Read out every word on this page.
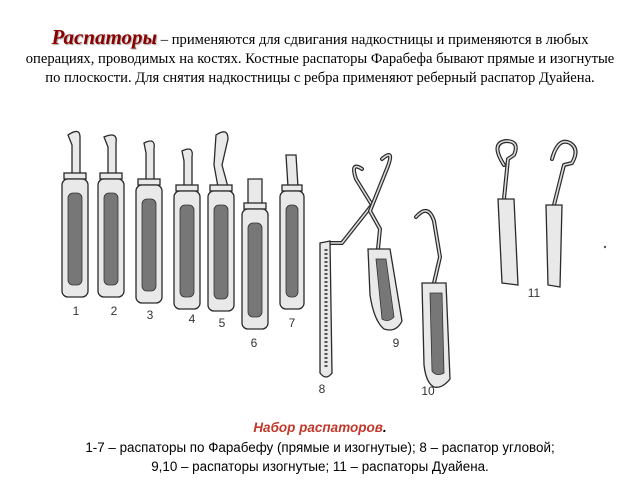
Распаторы – применяются для сдвигания надкостницы и применяются в любых операциях, проводимых на костях. Костные распаторы Фарабефа бывают прямые и изогнутые по плоскости. Для снятия надкостницы с ребра применяют реберный распатор Дуайена.
1	2 3	4 5
6
7
8
9
10
11
Набор распаторов.
1-7 – распаторы по Фарабефу (прямые и изогнутые); 8 – распатор угловой;
9,10 – распаторы изогнутые; 11 – распаторы Дуайена.
